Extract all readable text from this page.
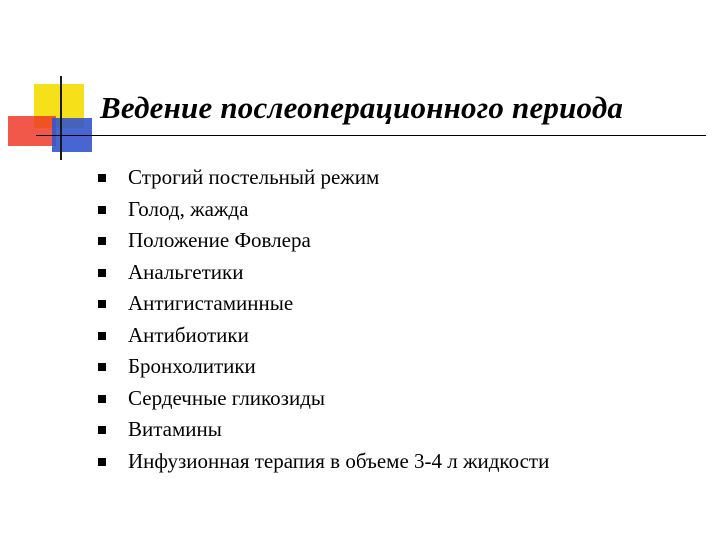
Ведение послеоперационного периода
Строгий постельный режим
Голод, жажда
Положение Фовлера
Анальгетики
Антигистаминные
Антибиотики
Бронхолитики
Сердечные гликозиды
Витамины
Инфузионная терапия в объеме 3-4 л жидкости
